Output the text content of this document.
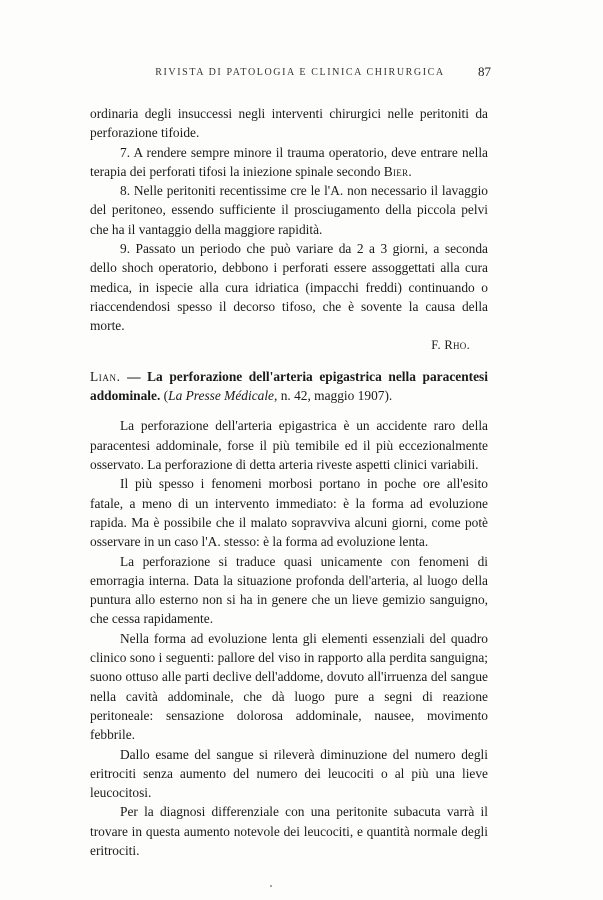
RIVISTA DI PATOLOGIA E CLINICA CHIRURGICA	87

ordinaria degli insuccessi negli interventi chirurgici nelle peritoniti da perforazione tifoide.

7. A rendere sempre minore il trauma operatorio, deve entrare nella terapia dei perforati tifosi la iniezione spinale secondo Bier.

8. Nelle peritoniti recentissime cre le l'A. non necessario il lavaggio del peritoneo, essendo sufficiente il prosciugamento della piccola pelvi che ha il vantaggio della maggiore rapidità.

9. Passato un periodo che può variare da 2 a 3 giorni, a seconda dello shoch operatorio, debbono i perforati essere assoggettati alla cura medica, in ispecie alla cura idriatica (impacchi freddi) continuando o riaccendendosi spesso il decorso tifoso, che è sovente la causa della morte.

F. Rho.

Lian. — La perforazione dell'arteria epigastrica nella paracentesi addominale. (La Presse Médicale, n. 42, maggio 1907).

La perforazione dell'arteria epigastrica è un accidente raro della paracentesi addominale, forse il più temibile ed il più eccezionalmente osservato. La perforazione di detta arteria riveste aspetti clinici variabili.

Il più spesso i fenomeni morbosi portano in poche ore all'esito fatale, a meno di un intervento immediato: è la forma ad evoluzione rapida. Ma è possibile che il malato sopravviva alcuni giorni, come potè osservare in un caso l'A. stesso: è la forma ad evoluzione lenta.

La perforazione si traduce quasi unicamente con fenomeni di emorragia interna. Data la situazione profonda dell'arteria, al luogo della puntura allo esterno non si ha in genere che un lieve gemizio sanguigno, che cessa rapidamente.

Nella forma ad evoluzione lenta gli elementi essenziali del quadro clinico sono i seguenti: pallore del viso in rapporto alla perdita sanguigna; suono ottuso alle parti declive dell'addome, dovuto all'irruenza del sangue nella cavità addominale, che dà luogo pure a segni di reazione peritoneale: sensazione dolorosa addominale, nausee, movimento febbrile.

Dallo esame del sangue si rileverà diminuzione del numero degli eritrociti senza aumento del numero dei leucociti o al più una lieve leucocitosi.

Per la diagnosi differenziale con una peritonite subacuta varrà il trovare in questa aumento notevole dei leucociti, e quantità normale degli eritrociti.
